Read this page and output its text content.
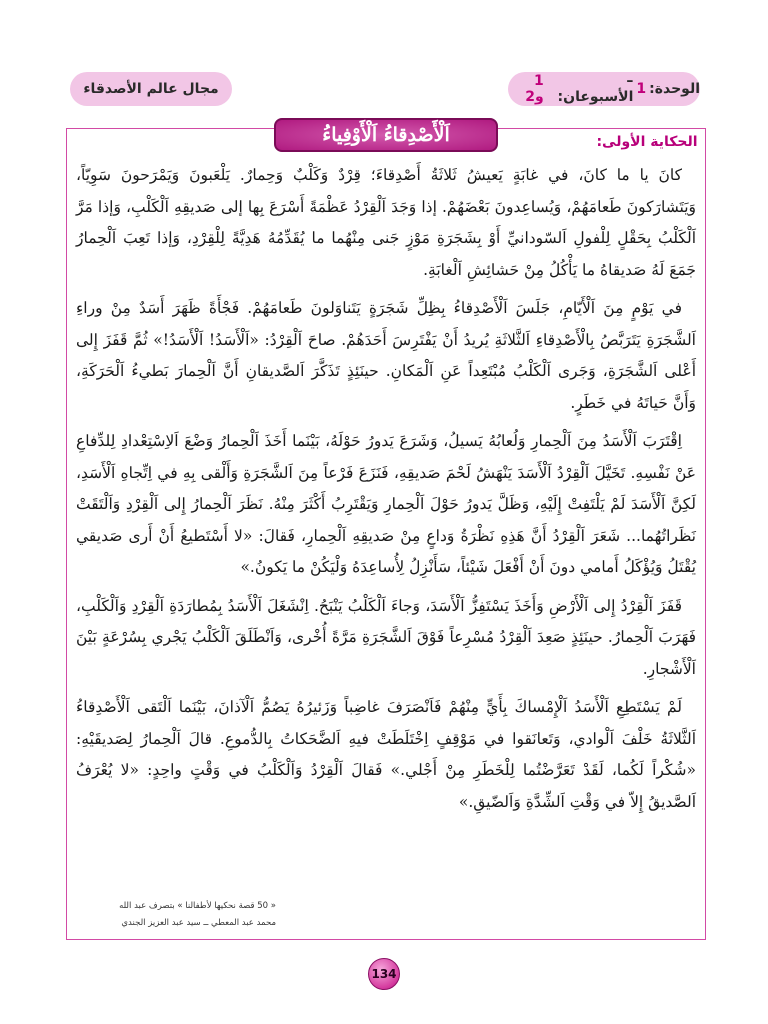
الوحدة:
1
– الأسبوعان:
1 و2
مجال عالم الأصدقاء
الحكاية الأولى:
اَلْأَصْدِقاءُ اَلْأَوْفِياءُ

كانَ يا ما كانَ، في غابَةٍ يَعيشُ ثَلاثَةُ أَصْدِقاءَ؛ قِرْدٌ وَكَلْبٌ وَحِمارٌ. يَلْعَبونَ وَيَمْرَحونَ سَوِيّاً، وَيَتَشارَكونَ طَعامَهُمْ، وَيُساعِدونَ بَعْضَهُمْ. إذا وَجَدَ اَلْقِرْدُ عَظْمَةً أَسْرَعَ بِها إلى صَديقِهِ اَلْكَلْبِ، وَإذا مَرَّ اَلْكَلْبُ بِحَقْلٍ لِلْفولِ اَلسّودانيِّ أَوْ بِشَجَرَةِ مَوْزٍ جَنى مِنْهُما ما يُقَدِّمُهُ هَدِيَّةً لِلْقِرْدِ، وَإذا تَعِبَ اَلْحِمارُ جَمَعَ لَهُ صَديقاهُ ما يَأْكُلُ مِنْ حَشائِشِ اَلْغابَةِ.

في يَوْمٍ مِنَ اَلْأَيّامِ، جَلَسَ اَلْأَصْدِقاءُ بِظِلِّ شَجَرَةٍ يَتَناوَلونَ طَعامَهُمْ. فَجْأَةً ظَهَرَ أَسَدٌ مِنْ وراءِ اَلشَّجَرَةِ يَتَرَبَّصُ بِالْأَصْدِقاءِ اَلثَّلاثَةِ يُريدُ أَنْ يَفْتَرِسَ أَحَدَهُمْ. صاحَ اَلْقِرْدُ: «اَلْأَسَدُ! اَلْأَسَدُ!» ثُمَّ قَفَزَ إِلى أَعْلى اَلشَّجَرَةِ، وَجَرى اَلْكَلْبُ مُبْتَعِداً عَنِ اَلْمَكانِ. حينَئِذٍ تَذَكَّرَ اَلصَّديقانِ أَنَّ اَلْحِمارَ بَطيءُ اَلْحَرَكَةِ، وَأَنَّ حَياتَهُ في خَطَرٍ.

اِقْتَرَبَ اَلْأَسَدُ مِنَ اَلْحِمارِ وَلُعابُهُ يَسيلُ، وَشَرَعَ يَدورُ حَوْلَهُ، بَيْنَما أَخَذَ اَلْحِمارُ وَضْعَ اَلاِسْتِعْدادِ لِلدِّفاعِ عَنْ نَفْسِهِ. تَخَيَّلَ اَلْقِرْدُ اَلْأَسَدَ يَنْهَشُ لَحْمَ صَديقِهِ، فَنَزَعَ فَرْعاً مِنَ اَلشَّجَرَةِ وَأَلْقى بِهِ في اِتِّجاهِ اَلْأَسَدِ، لَكِنَّ اَلْأَسَدَ لَمْ يَلْتَفِتْ إِلَيْهِ، وَظَلَّ يَدورُ حَوْلَ اَلْحِمارِ وَيَقْتَرِبُ أَكْثَرَ مِنْهُ. نَظَرَ اَلْحِمارُ إِلى اَلْقِرْدِ وَاَلْتَقَتْ نَظَراتُهُما... شَعَرَ اَلْقِرْدُ أَنَّ هَذِهِ نَظْرَةُ وَداعٍ مِنْ صَديقِهِ اَلْحِمارِ، فَقالَ: «لا أَسْتَطيعُ أَنْ أَرى صَديقي يُقْتَلُ وَيُؤْكَلُ أَمامي دونَ أَنْ أَفْعَلَ شَيْئاً، سَأَنْزِلُ لِأُساعِدَهُ وَلْيَكُنْ ما يَكونُ.»

قَفَزَ اَلْقِرْدُ إِلى اَلْأَرْضِ وَأَخَذَ يَسْتَفِزُّ اَلْأَسَدَ، وَجاءَ اَلْكَلْبُ يَنْبَحُ. اِنْشَغَلَ اَلْأَسَدُ بِمُطارَدَةِ اَلْقِرْدِ وَاَلْكَلْبِ، فَهَرَبَ اَلْحِمارُ. حينَئِذٍ صَعِدَ اَلْقِرْدُ مُسْرِعاً فَوْقَ اَلشَّجَرَةِ مَرَّةً أُخْرى، وَاَنْطَلَقَ اَلْكَلْبُ يَجْري بِسُرْعَةٍ بَيْنَ اَلْأَشْجارِ.

لَمْ يَسْتَطِعِ اَلْأَسَدُ اَلْإِمْساكَ بِأَيٍّ مِنْهُمْ فَاَنْصَرَفَ غاضِباً وَزَئيرُهُ يَصُمُّ اَلْآذانَ، بَيْنَما اَلْتَقى اَلْأَصْدِقاءُ اَلثَّلاثَةُ خَلْفَ اَلْوادي، وَتَعانَقوا في مَوْقِفٍ اِخْتَلَطَتْ فيهِ اَلضَّحَكاتُ بِالدُّموعِ. قالَ اَلْحِمارُ لِصَديقَيْهِ: «شُكْراً لَكُما، لَقَدْ تَعَرَّضْتُما لِلْخَطَرِ مِنْ أَجْلي.» فَقالَ اَلْقِرْدُ وَاَلْكَلْبُ في وَقْتٍ واحِدٍ: «لا يُعْرَفُ اَلصَّديقُ إِلاّ في وَقْتِ اَلشِّدَّةِ وَاَلضّيقِ.»

« 50 قصة نحكيها لأطفالنا » بتصرف عبد الله
محمد عبد المعطي ــ سيد عبد العزيز الجندي
134
